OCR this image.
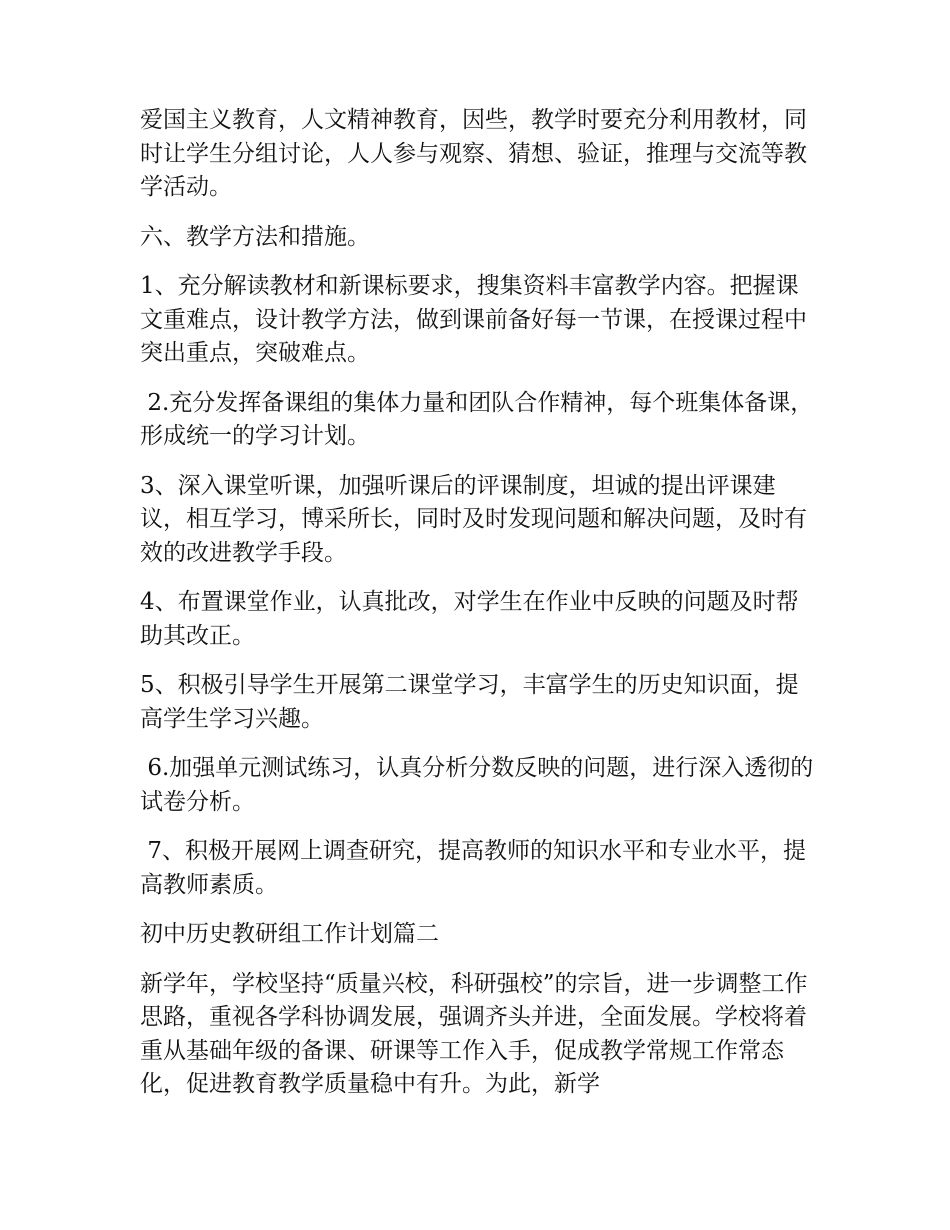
爱国主义教育，人文精神教育，因些，教学时要充分利用教材，同时让学生分组讨论，人人参与观察、猜想、验证，推理与交流等教学活动。

六、教学方法和措施。

1、充分解读教材和新课标要求，搜集资料丰富教学内容。把握课文重难点，设计教学方法，做到课前备好每一节课，在授课过程中突出重点，突破难点。

2.充分发挥备课组的集体力量和团队合作精神，每个班集体备课，形成统一的学习计划。

3、深入课堂听课，加强听课后的评课制度，坦诚的提出评课建议，相互学习，博采所长，同时及时发现问题和解决问题，及时有效的改进教学手段。

4、布置课堂作业，认真批改，对学生在作业中反映的问题及时帮助其改正。

5、积极引导学生开展第二课堂学习，丰富学生的历史知识面，提高学生学习兴趣。

6.加强单元测试练习，认真分析分数反映的问题，进行深入透彻的试卷分析。

7、积极开展网上调查研究，提高教师的知识水平和专业水平，提高教师素质。

初中历史教研组工作计划篇二

新学年，学校坚持“质量兴校，科研强校”的宗旨，进一步调整工作思路，重视各学科协调发展，强调齐头并进，全面发展。学校将着重从基础年级的备课、研课等工作入手，促成教学常规工作常态化，促进教育教学质量稳中有升。为此，新学
